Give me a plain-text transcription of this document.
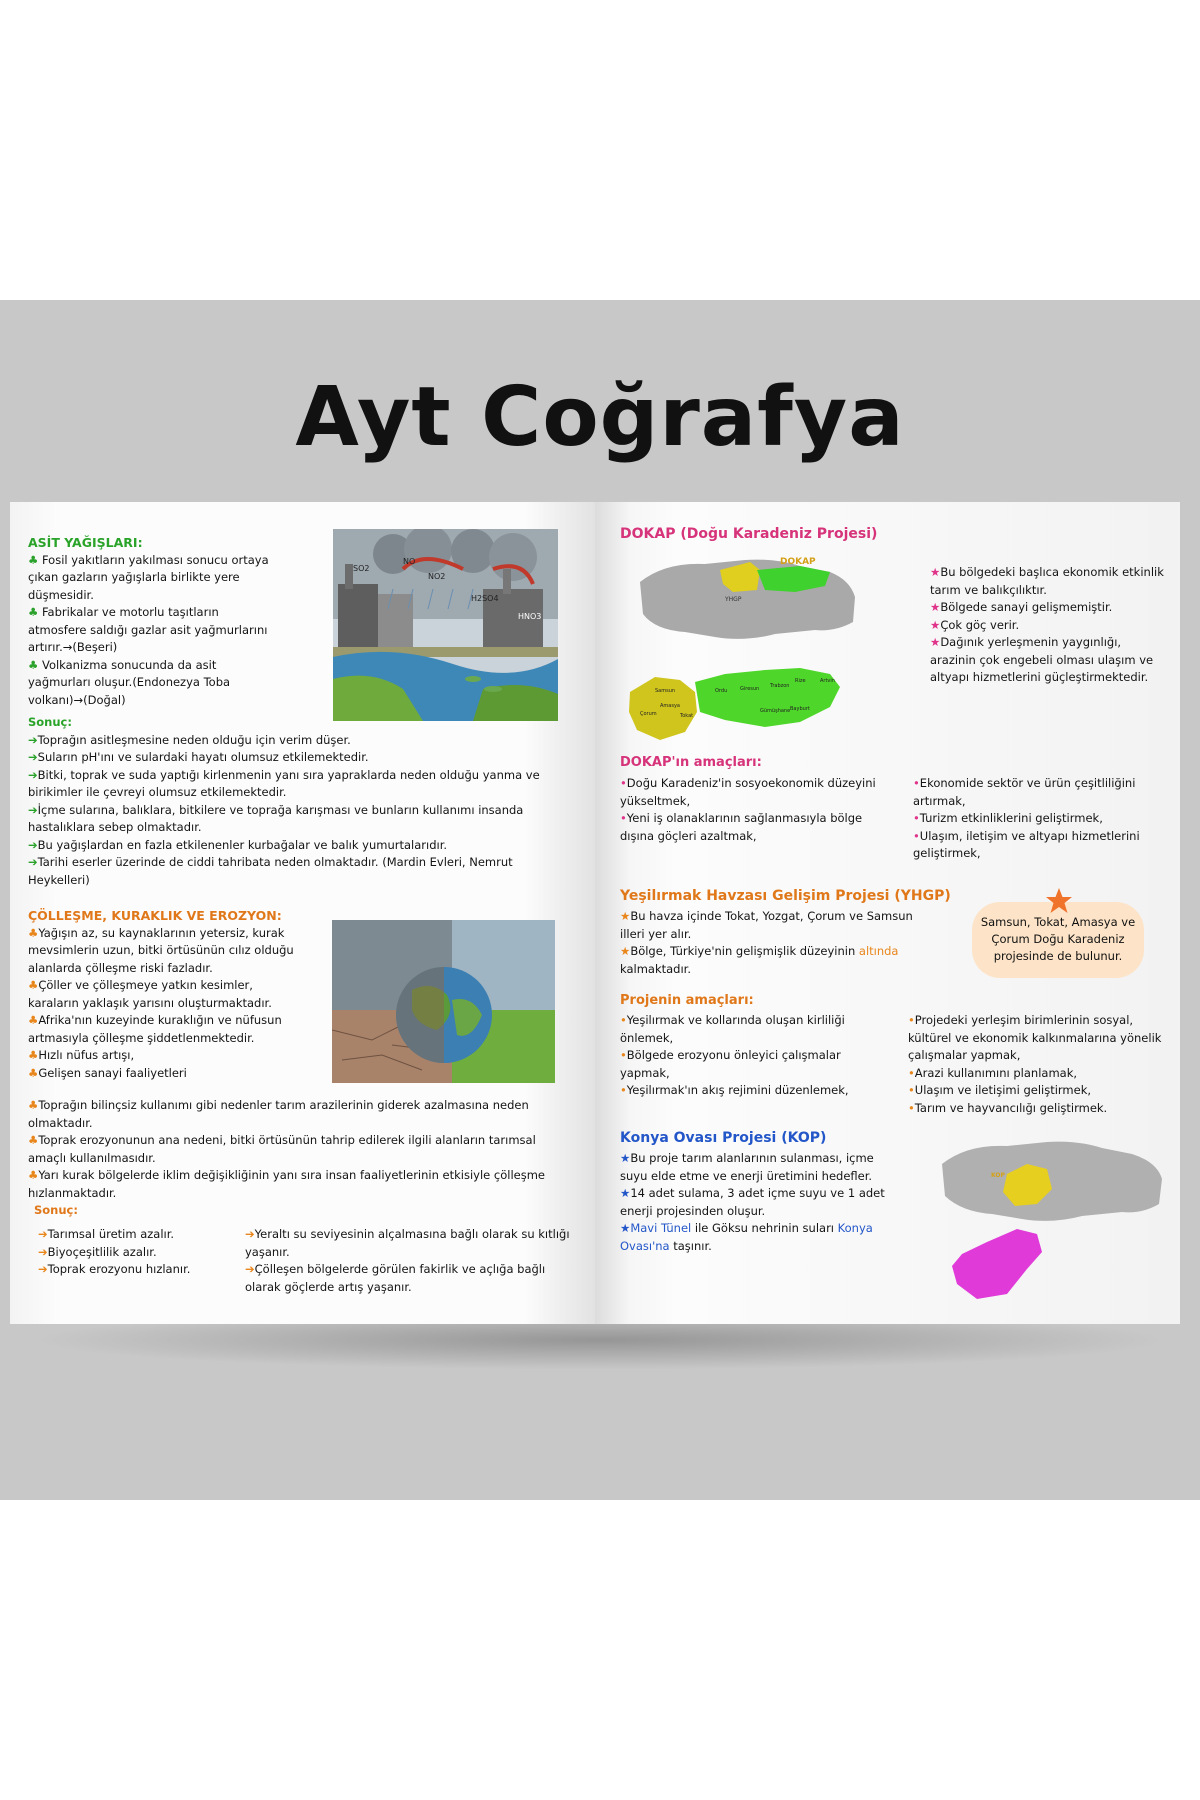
Ayt Coğrafya

ASİT YAĞIŞLARI:

♣ Fosil yakıtların yakılması sonucu ortaya çıkan gazların yağışlarla birlikte yere düşmesidir.

♣ Fabrikalar ve motorlu taşıtların atmosfere saldığı gazlar asit yağmurlarını artırır.→(Beşeri)

♣ Volkanizma sonucunda da asit yağmurları oluşur.(Endonezya Toba volkanı)→(Doğal)

SO2
NO
NO2
H2SO4
HNO3

Sonuç:

➔Toprağın asitleşmesine neden olduğu için verim düşer.

➔Suların pH'ını ve sulardaki hayatı olumsuz etkilemektedir.

➔Bitki, toprak ve suda yaptığı kirlenmenin yanı sıra yapraklarda neden olduğu yanma ve birikimler ile çevreyi olumsuz etkilemektedir.

➔İçme sularına, balıklara, bitkilere ve toprağa karışması ve bunların kullanımı insanda hastalıklara sebep olmaktadır.

➔Bu yağışlardan en fazla etkilenenler kurbağalar ve balık yumurtalarıdır.

➔Tarihi eserler üzerinde de ciddi tahribata neden olmaktadır. (Mardin Evleri, Nemrut Heykelleri)

ÇÖLLEŞME, KURAKLIK VE EROZYON:

♣Yağışın az, su kaynaklarının yetersiz, kurak mevsimlerin uzun, bitki örtüsünün cılız olduğu alanlarda çölleşme riski fazladır.

♣Çöller ve çölleşmeye yatkın kesimler, karaların yaklaşık yarısını oluşturmaktadır.

♣Afrika'nın kuzeyinde kuraklığın ve nüfusun artmasıyla çölleşme şiddetlenmektedir.

♣Hızlı nüfus artışı,

♣Gelişen sanayi faaliyetleri

♣Toprağın bilinçsiz kullanımı gibi nedenler tarım arazilerinin giderek azalmasına neden olmaktadır.

♣Toprak erozyonunun ana nedeni, bitki örtüsünün tahrip edilerek ilgili alanların tarımsal amaçlı kullanılmasıdır.

♣Yarı kurak bölgelerde iklim değişikliğinin yanı sıra insan faaliyetlerinin etkisiyle çölleşme hızlanmaktadır.

Sonuç:

➔Tarımsal üretim azalır.

➔Biyoçeşitlilik azalır.

➔Toprak erozyonu hızlanır.

➔Yeraltı su seviyesinin alçalmasına bağlı olarak su kıtlığı yaşanır.

➔Çölleşen bölgelerde görülen fakirlik ve açlığa bağlı olarak göçlerde artış yaşanır.

DOKAP (Doğu Karadeniz Projesi)

DOKAP
YHGP
Samsun
Amasya
Çorum	Tokat
Ordu	Giresun Trabzon
Rize	Artvin
Gümüşhane Bayburt

★Bu bölgedeki başlıca ekonomik etkinlik tarım ve balıkçılıktır.

★Bölgede sanayi gelişmemiştir.

★Çok göç verir.

★Dağınık yerleşmenin yaygınlığı, arazinin çok engebeli olması ulaşım ve altyapı hizmetlerini güçleştirmektedir.

DOKAP'ın amaçları:

•Doğu Karadeniz'in sosyoekonomik düzeyini yükseltmek,

•Yeni iş olanaklarının sağlanmasıyla bölge dışına göçleri azaltmak,

•Ekonomide sektör ve ürün çeşitliliğini artırmak,

•Turizm etkinliklerini geliştirmek,

•Ulaşım, iletişim ve altyapı hizmetlerini geliştirmek,

Yeşilırmak Havzası Gelişim Projesi (YHGP)

★Bu havza içinde Tokat, Yozgat, Çorum ve Samsun illeri yer alır.

★Bölge, Türkiye'nin gelişmişlik düzeyinin altında kalmaktadır.

Samsun, Tokat, Amasya ve Çorum Doğu Karadeniz projesinde de bulunur.

Projenin amaçları:

•Yeşilırmak ve kollarında oluşan kirliliği önlemek,

•Bölgede erozyonu önleyici çalışmalar yapmak,

•Yeşilırmak'ın akış rejimini düzenlemek,

•Projedeki yerleşim birimlerinin sosyal, kültürel ve ekonomik kalkınmalarına yönelik çalışmalar yapmak,

•Arazi kullanımını planlamak,

•Ulaşım ve iletişimi geliştirmek,

•Tarım ve hayvancılığı geliştirmek.

Konya Ovası Projesi (KOP)

★Bu proje tarım alanlarının sulanması, içme suyu elde etme ve enerji üretimini hedefler.

★14 adet sulama, 3 adet içme suyu ve 1 adet enerji projesinden oluşur.

★Mavi Tünel ile Göksu nehrinin suları Konya Ovası'na taşınır.

KOP
